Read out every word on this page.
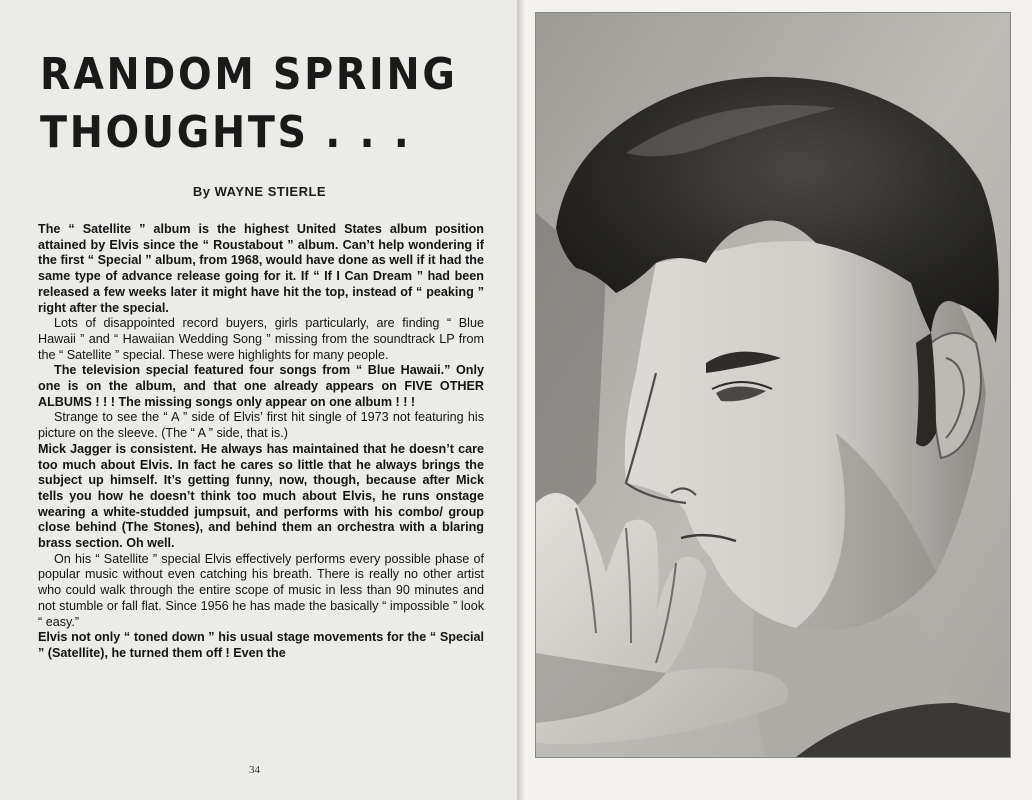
RANDOM SPRING
THOUGHTS . . .
By WAYNE STIERLE

The “ Satellite ” album is the highest United States album position attained by Elvis since the “ Roustabout ” album. Can’t help wondering if the first “ Special ” album, from 1968, would have done as well if it had the same type of advance release going for it. If “ If I Can Dream ” had been released a few weeks later it might have hit the top, instead of “ peaking ” right after the special.

Lots of disappointed record buyers, girls particularly, are finding “ Blue Hawaii ” and “ Hawaiian Wedding Song ” missing from the soundtrack LP from the “ Satellite ” special. These were highlights for many people.

The television special featured four songs from “ Blue Hawaii.” Only one is on the album, and that one already appears on FIVE OTHER ALBUMS ! ! ! The missing songs only appear on one album ! ! !

Strange to see the “ A ” side of Elvis’ first hit single of 1973 not featuring his picture on the sleeve. (The “ A ” side, that is.)

Mick Jagger is consistent. He always has maintained that he doesn’t care too much about Elvis. In fact he cares so little that he always brings the subject up himself. It’s getting funny, now, though, because after Mick tells you how he doesn’t think too much about Elvis, he runs onstage wearing a white-studded jumpsuit, and performs with his combo/ group close behind (The Stones), and behind them an orchestra with a blaring brass section. Oh well.

On his “ Satellite ” special Elvis effectively performs every possible phase of popular music without even catching his breath. There is really no other artist who could walk through the entire scope of music in less than 90 minutes and not stumble or fall flat. Since 1956 he has made the basically “ impossible ” look “ easy.”

Elvis not only “ toned down ” his usual stage movements for the “ Special ” (Satellite), he turned them off ! Even the

34
